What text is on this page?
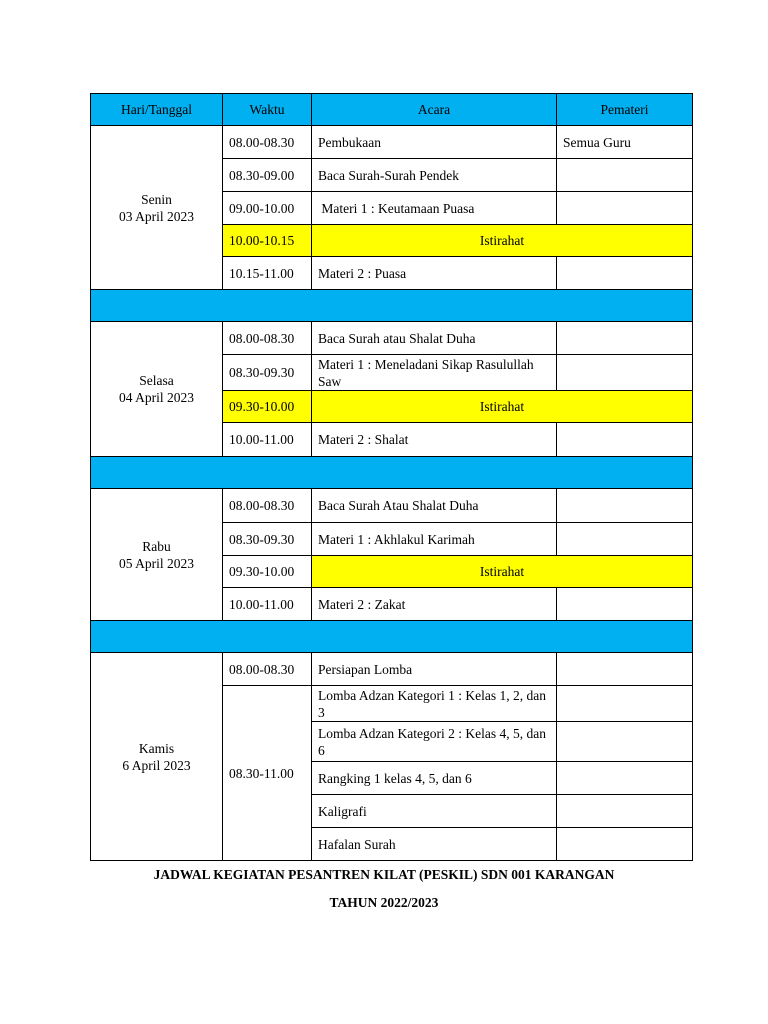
Hari/Tanggal	Waktu	Acara	Pemateri
Senin
03 April 2023	08.00-08.30	Pembukaan	Semua Guru
	08.30-09.00	Baca Surah-Surah Pendek	
	09.00-10.00	Materi 1 : Keutamaan Puasa	
	10.00-10.15	Istirahat	
	10.15-11.00	Materi 2 : Puasa	

Selasa
04 April 2023	08.00-08.30	Baca Surah atau Shalat Duha	
	08.30-09.30	Materi 1 : Meneladani Sikap Rasulullah Saw	
	09.30-10.00	Istirahat	
	10.00-11.00	Materi 2 : Shalat	

Rabu
05 April 2023	08.00-08.30	Baca Surah Atau Shalat Duha	
	08.30-09.30	Materi 1 : Akhlakul Karimah	
	09.30-10.00	Istirahat	
	10.00-11.00	Materi 2 : Zakat	

Kamis
6 April 2023	08.00-08.30	Persiapan Lomba	
	08.30-11.00	Lomba Adzan Kategori 1 : Kelas 1, 2, dan 3	
		Lomba Adzan Kategori 2 : Kelas 4, 5, dan 6	
		Rangking 1 kelas 4, 5, dan 6	
		Kaligrafi	
		Hafalan Surah	
JADWAL KEGIATAN PESANTREN KILAT (PESKIL) SDN 001 KARANGAN
TAHUN 2022/2023
